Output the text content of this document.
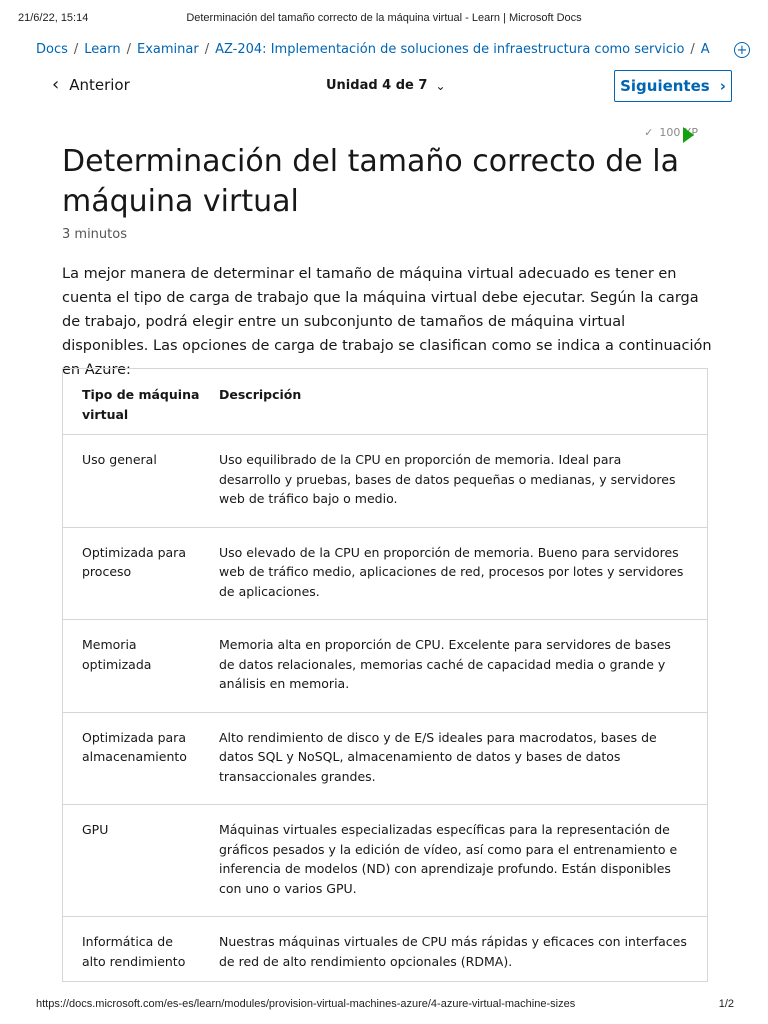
21/6/22, 15:14	Determinación del tamaño correcto de la máquina virtual - Learn | Microsoft Docs
Docs / Learn / Examinar / AZ-204: Implementación de soluciones de infraestructura como servicio / A	+
‹ Anterior	Unidad 4 de 7 ⌄	Siguientes ›
✓ 100 XP
Determinación del tamaño correcto de la máquina virtual
3 minutos

La mejor manera de determinar el tamaño de máquina virtual adecuado es tener en cuenta el tipo de carga de trabajo que la máquina virtual debe ejecutar. Según la carga de trabajo, podrá elegir entre un subconjunto de tamaños de máquina virtual disponibles. Las opciones de carga de trabajo se clasifican como se indica a continuación en Azure:

Tipo de máquina virtual	Descripción
Uso general	Uso equilibrado de la CPU en proporción de memoria. Ideal para desarrollo y pruebas, bases de datos pequeñas o medianas, y servidores web de tráfico bajo o medio.
Optimizada para proceso	Uso elevado de la CPU en proporción de memoria. Bueno para servidores web de tráfico medio, aplicaciones de red, procesos por lotes y servidores de aplicaciones.
Memoria optimizada	Memoria alta en proporción de CPU. Excelente para servidores de bases de datos relacionales, memorias caché de capacidad media o grande y análisis en memoria.
Optimizada para almacenamiento	Alto rendimiento de disco y de E/S ideales para macrodatos, bases de datos SQL y NoSQL, almacenamiento de datos y bases de datos transaccionales grandes.
GPU	Máquinas virtuales especializadas específicas para la representación de gráficos pesados y la edición de vídeo, así como para el entrenamiento e inferencia de modelos (ND) con aprendizaje profundo. Están disponibles con uno o varios GPU.
Informática de alto rendimiento	Nuestras máquinas virtuales de CPU más rápidas y eficaces con interfaces de red de alto rendimiento opcionales (RDMA).
https://docs.microsoft.com/es-es/learn/modules/provision-virtual-machines-azure/4-azure-virtual-machine-sizes	1/2
